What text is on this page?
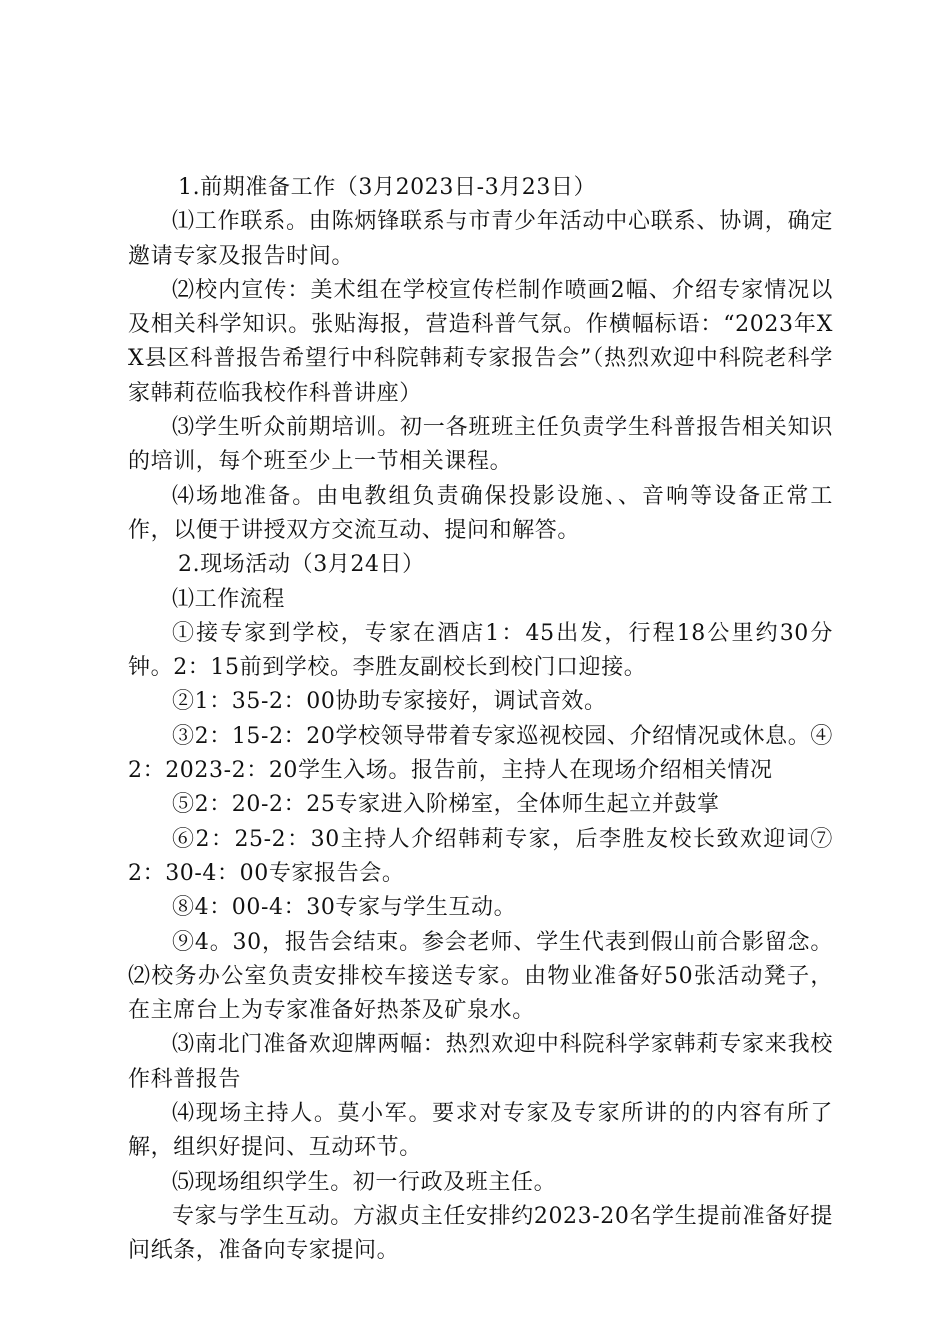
1.前期准备工作（3月2023日-3月23日）

⑴工作联系。由陈炳锋联系与市青少年活动中心联系、协调，确定邀请专家及报告时间。

⑵校内宣传：美术组在学校宣传栏制作喷画2幅、介绍专家情况以及相关科学知识。张贴海报，营造科普气氛。作横幅标语：“2023年XX县区科普报告希望行中科院韩莉专家报告会”（热烈欢迎中科院老科学家韩莉莅临我校作科普讲座）

⑶学生听众前期培训。初一各班班主任负责学生科普报告相关知识的培训，每个班至少上一节相关课程。

⑷场地准备。由电教组负责确保投影设施、、音响等设备正常工作，以便于讲授双方交流互动、提问和解答。

2.现场活动（3月24日）

⑴工作流程

①接专家到学校，专家在酒店1：45出发，行程18公里约30分钟。2：15前到学校。李胜友副校长到校门口迎接。

②1：35-2：00协助专家接好，调试音效。

③2：15-2：20学校领导带着专家巡视校园、介绍情况或休息。④2：2023-2：20学生入场。报告前，主持人在现场介绍相关情况

⑤2：20-2：25专家进入阶梯室，全体师生起立并鼓掌

⑥2：25-2：30主持人介绍韩莉专家，后李胜友校长致欢迎词⑦2：30-4：00专家报告会。

⑧4：00-4：30专家与学生互动。

⑨4。30，报告会结束。参会老师、学生代表到假山前合影留念。⑵校务办公室负责安排校车接送专家。由物业准备好50张活动凳子，在主席台上为专家准备好热茶及矿泉水。

⑶南北门准备欢迎牌两幅：热烈欢迎中科院科学家韩莉专家来我校作科普报告

⑷现场主持人。莫小军。要求对专家及专家所讲的的内容有所了解，组织好提问、互动环节。

⑸现场组织学生。初一行政及班主任。

专家与学生互动。方淑贞主任安排约2023-20名学生提前准备好提问纸条，准备向专家提问。
